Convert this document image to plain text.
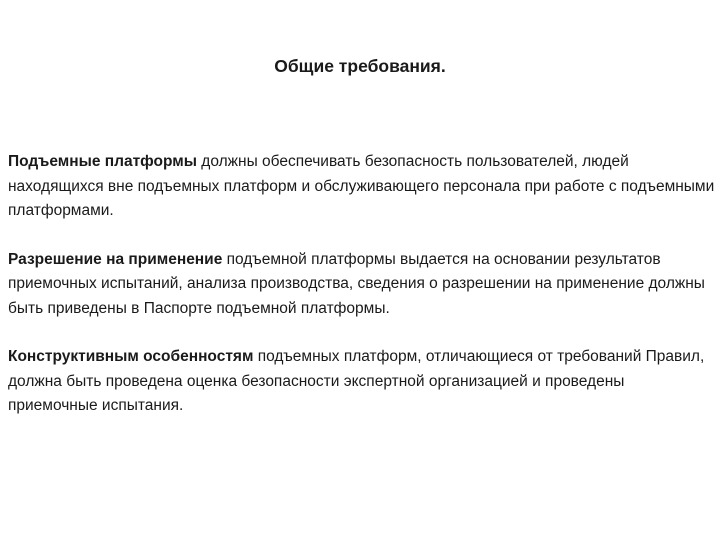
Общие требования.

Подъемные платформы должны обеспечивать безопасность пользователей, людей находящихся вне подъемных платформ и обслуживающего персонала при работе с подъемными платформами.

Разрешение на применение подъемной платформы выдается на основании результатов приемочных испытаний, анализа производства, сведения о разрешении на применение должны быть приведены в Паспорте подъемной платформы.

Конструктивным особенностям подъемных платформ, отличающиеся от требований Правил, должна быть проведена оценка безопасности экспертной организацией и проведены приемочные испытания.
